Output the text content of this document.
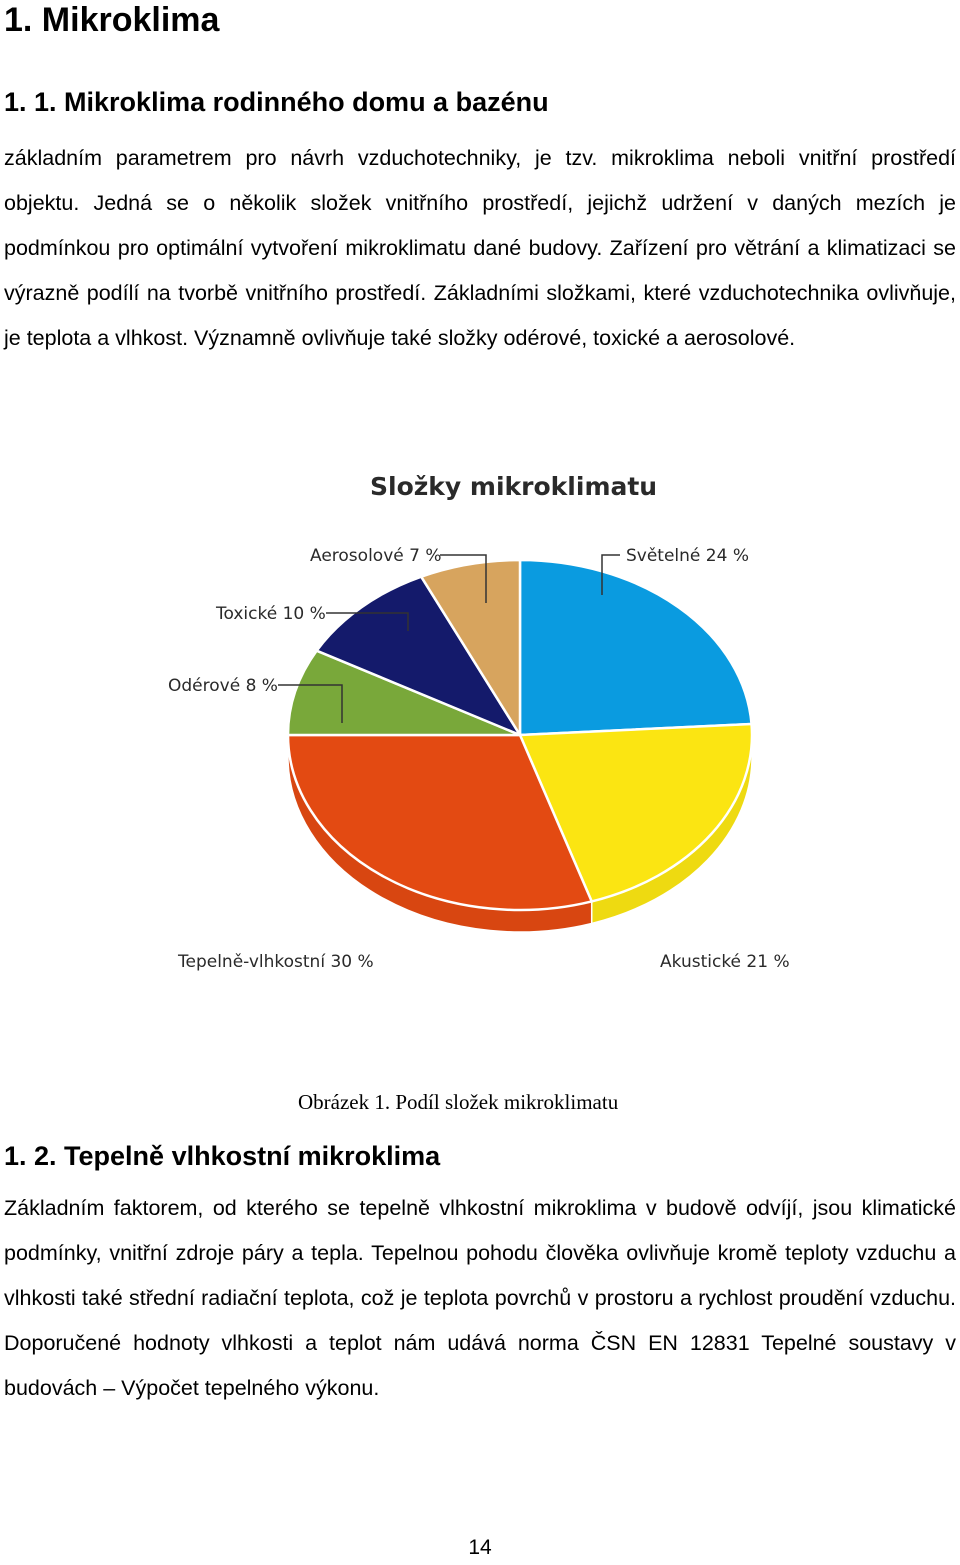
1. Mikroklima
1. 1. Mikroklima rodinného domu a bazénu

základním parametrem pro návrh vzduchotechniky, je tzv. mikroklima neboli vnitřní prostředí objektu. Jedná se o několik složek vnitřního prostředí, jejichž udržení v daných mezích je podmínkou pro optimální vytvoření mikroklimatu dané budovy. Zařízení pro větrání a klimatizaci se výrazně podílí na tvorbě vnitřního prostředí. Základními složkami, které vzduchotechnika ovlivňuje, je teplota a vlhkost. Významně ovlivňuje také složky odérové, toxické a aerosolové.

Složky mikroklimatu
Světelné 24 %
Akustické 21 %
Tepelně-vlhkostní 30 %
Odérové 8 %
Toxické 10 %
Aerosolové 7 %
Obrázek 1. Podíl složek mikroklimatu
1. 2. Tepelně vlhkostní mikroklima

Základním faktorem, od kterého se tepelně vlhkostní mikroklima v budově odvíjí, jsou klimatické podmínky, vnitřní zdroje páry a tepla. Tepelnou pohodu člověka ovlivňuje kromě teploty vzduchu a vlhkosti také střední radiační teplota, což je teplota povrchů v prostoru a rychlost proudění vzduchu. Doporučené hodnoty vlhkosti a teplot nám udává norma ČSN EN 12831 Tepelné soustavy v budovách – Výpočet tepelného výkonu.

14
